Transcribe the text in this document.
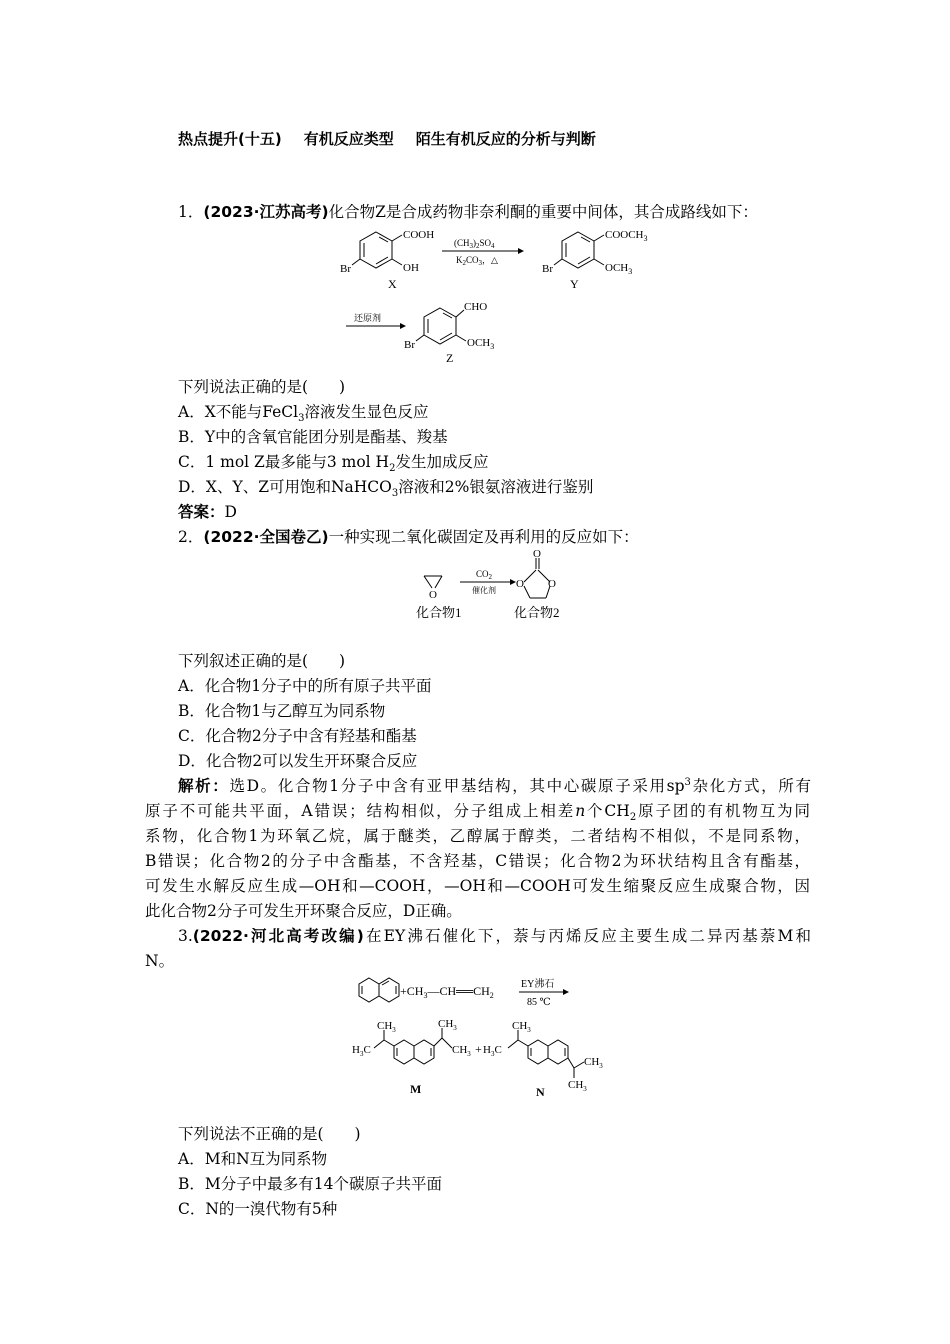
热点提升(十五) 有机反应类型 陌生有机反应的分析与判断
1．(2023·江苏高考)化合物Z是合成药物非奈利酮的重要中间体，其合成路线如下：
COOH
OH
Br
X
$(CH_3)_2SO_4$
$K_2CO_3$，△
$COOCH_3$
$OCH_3$
Br
Y
还原剂
CHO
$OCH_3$
Br
Z
下列说法正确的是(　　)
A．X不能与FeCl$_3$溶液发生显色反应
B．Y中的含氧官能团分别是酯基、羧基
C．1 mol Z最多能与3 mol $H_2$发生加成反应
D．X、Y、Z可用饱和NaHCO$_3$溶液和2%银氨溶液进行鉴别
答案：D
2．(2022·全国卷乙)一种实现二氧化碳固定及再利用的反应如下：
O
$CO_2$
催化剂
O
O O
化合物1	化合物2
下列叙述正确的是(　　)
A．化合物1分子中的所有原子共平面
B．化合物1与乙醇互为同系物
C．化合物2分子中含有羟基和酯基
D．化合物2可以发生开环聚合反应
解析：选D。化合物1分子中含有亚甲基结构，其中心碳原子采用$sp^3$杂化方式，所有
原子不可能共平面，A错误；结构相似，分子组成上相差n个$CH_2$原子团的有机物互为同
系物，化合物1为环氧乙烷，属于醚类，乙醇属于醇类，二者结构不相似，不是同系物，
B错误；化合物2的分子中含酯基，不含羟基，C错误；化合物2为环状结构且含有酯基，
可发生水解反应生成—OH和—COOH，—OH和—COOH可发生缩聚反应生成聚合物，因
此化合物2分子可发生开环聚合反应，D正确。
3.(2022·河北高考改编)在EY沸石催化下，萘与丙烯反应主要生成二异丙基萘M和
N。
$+CH_3—CH══CH_2$
EY沸石
85 ℃
$CH_3$
$H_3C$
$CH_3$
$CH_3$
M
+ $H_3C$
$CH_3$
$CH_3$
$CH_3$
N
下列说法不正确的是(　　)
A．M和N互为同系物
B．M分子中最多有14个碳原子共平面
C．N的一溴代物有5种
